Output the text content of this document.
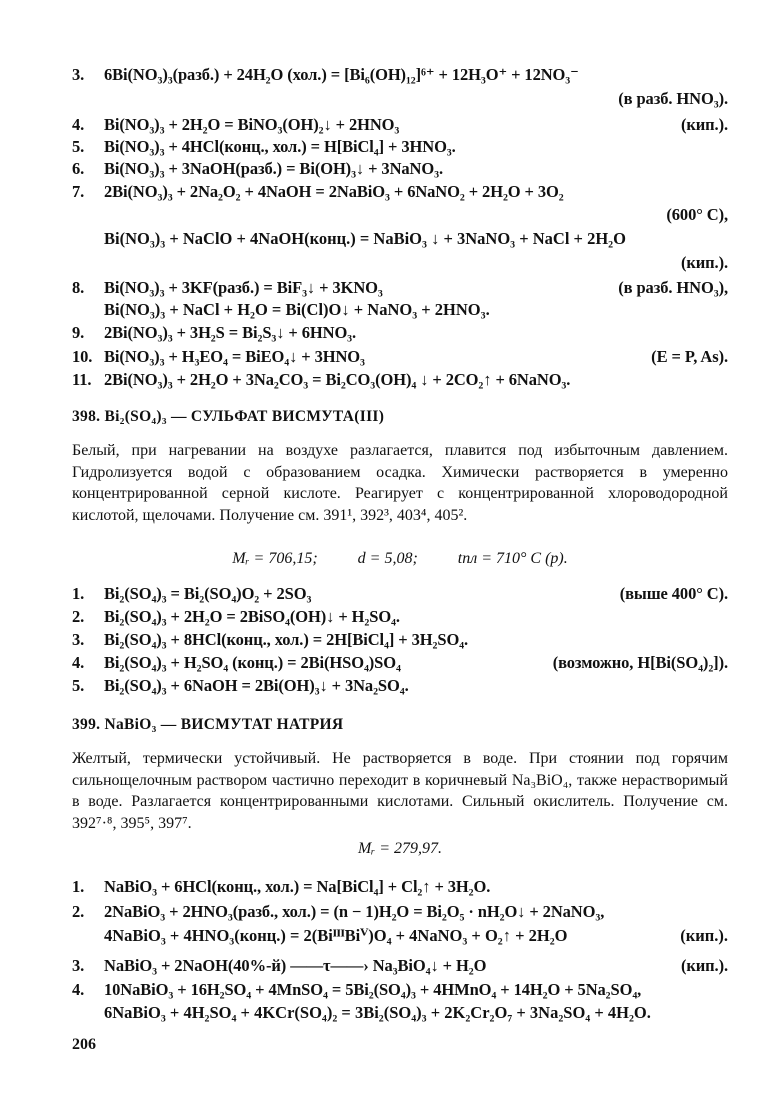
3. 6Bi(NO₃)₃(разб.) + 24H₂O (хол.) = [Bi₆(OH)₁₂]⁶⁺ + 12H₃O⁺ + 12NO₃⁻
(в разб. HNO₃).
4. Bi(NO₃)₃ + 2H₂O = BiNO₃(OH)₂↓ + 2HNO₃	(кип.).
5. Bi(NO₃)₃ + 4HCl(конц., хол.) = H[BiCl₄] + 3HNO₃.
6. Bi(NO₃)₃ + 3NaOH(разб.) = Bi(OH)₃↓ + 3NaNO₃.
7. 2Bi(NO₃)₃ + 2Na₂O₂ + 4NaOH = 2NaBiO₃ + 6NaNO₂ + 2H₂O + 3O₂
(600° C),
Bi(NO₃)₃ + NaClO + 4NaOH(конц.) = NaBiO₃ ↓ + 3NaNO₃ + NaCl + 2H₂O
(кип.).
8. Bi(NO₃)₃ + 3KF(разб.) = BiF₃↓ + 3KNO₃	(в разб. HNO₃),
Bi(NO₃)₃ + NaCl + H₂O = Bi(Cl)O↓ + NaNO₃ + 2HNO₃.
9. 2Bi(NO₃)₃ + 3H₂S = Bi₂S₃↓ + 6HNO₃.
10. Bi(NO₃)₃ + H₃EO₄ = BiEO₄↓ + 3HNO₃	(E = P, As).
11. 2Bi(NO₃)₃ + 2H₂O + 3Na₂CO₃ = Bi₂CO₃(OH)₄ ↓ + 2CO₂↑ + 6NaNO₃.
398. Bi₂(SO₄)₃ — СУЛЬФАТ ВИСМУТА(III)
Белый, при нагревании на воздухе разлагается, плавится под избыточным давлением. Гидролизуется водой с образованием осадка. Химически растворяется в умеренно концентрированной серной кислоте. Реагирует с концентрированной хлороводородной кислотой, щелочами. Получение см. 391¹, 392³, 403⁴, 405².
Mᵣ = 706,15;	d = 5,08;	tпл = 710° C (p).
1. Bi₂(SO₄)₃ = Bi₂(SO₄)O₂ + 2SO₃	(выше 400° C).
2. Bi₂(SO₄)₃ + 2H₂O = 2BiSO₄(OH)↓ + H₂SO₄.
3. Bi₂(SO₄)₃ + 8HCl(конц., хол.) = 2H[BiCl₄] + 3H₂SO₄.
4. Bi₂(SO₄)₃ + H₂SO₄ (конц.) = 2Bi(HSO₄)SO₄	(возможно, H[Bi(SO₄)₂]).
5. Bi₂(SO₄)₃ + 6NaOH = 2Bi(OH)₃↓ + 3Na₂SO₄.
399. NaBiO₃ — ВИСМУТАТ НАТРИЯ
Желтый, термически устойчивый. Не растворяется в воде. При стоянии под горячим сильнощелочным раствором частично переходит в коричневый Na₃BiO₄, также нерастворимый в воде. Разлагается концентрированными кислотами. Сильный окислитель. Получение см. 392⁷·⁸, 395⁵, 397⁷.
Mᵣ = 279,97.
1. NaBiO₃ + 6HCl(конц., хол.) = Na[BiCl₄] + Cl₂↑ + 3H₂O.
2. 2NaBiO₃ + 2HNO₃(разб., хол.) = (n − 1)H₂O = Bi₂O₅ · nH₂O↓ + 2NaNO₃,
4NaBiO₃ + 4HNO₃(конц.) = 2(BiᴵᴵᴵBiⱽ)O₄ + 4NaNO₃ + O₂↑ + 2H₂O	(кип.).
3. NaBiO₃ + 2NaOH(40%-й) ——τ——› Na₃BiO₄↓ + H₂O	(кип.).
4. 10NaBiO₃ + 16H₂SO₄ + 4MnSO₄ = 5Bi₂(SO₄)₃ + 4HMnO₄ + 14H₂O + 5Na₂SO₄,
6NaBiO₃ + 4H₂SO₄ + 4KCr(SO₄)₂ = 3Bi₂(SO₄)₃ + 2K₂Cr₂O₇ + 3Na₂SO₄ + 4H₂O.
206
